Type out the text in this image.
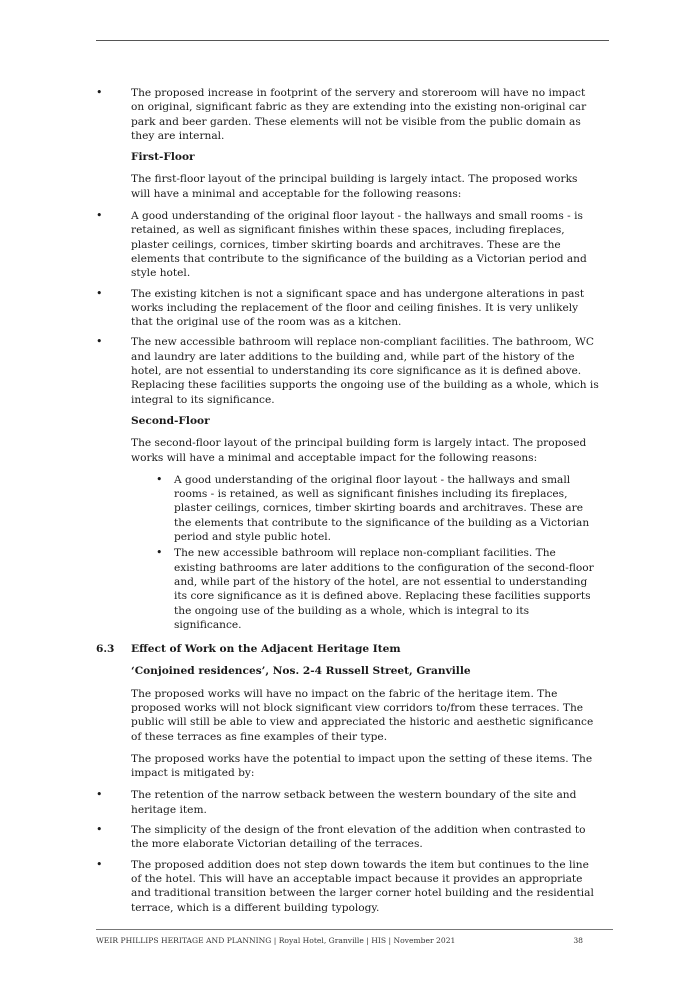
• The proposed increase in footprint of the servery and storeroom will have no impact on original, significant fabric as they are extending into the existing non-original car park and beer garden. These elements will not be visible from the public domain as they are internal.
First-Floor

The first-floor layout of the principal building is largely intact. The proposed works will have a minimal and acceptable for the following reasons:

• A good understanding of the original floor layout - the hallways and small rooms - is retained, as well as significant finishes within these spaces, including fireplaces, plaster ceilings, cornices, timber skirting boards and architraves. These are the elements that contribute to the significance of the building as a Victorian period and style hotel.
• The existing kitchen is not a significant space and has undergone alterations in past works including the replacement of the floor and ceiling finishes. It is very unlikely that the original use of the room was as a kitchen.
• The new accessible bathroom will replace non-compliant facilities. The bathroom, WC and laundry are later additions to the building and, while part of the history of the hotel, are not essential to understanding its core significance as it is defined above. Replacing these facilities supports the ongoing use of the building as a whole, which is integral to its significance.
Second-Floor

The second-floor layout of the principal building form is largely intact. The proposed works will have a minimal and acceptable impact for the following reasons:

• A good understanding of the original floor layout - the hallways and small rooms - is retained, as well as significant finishes including its fireplaces, plaster ceilings, cornices, timber skirting boards and architraves. These are the elements that contribute to the significance of the building as a Victorian period and style public hotel.
• The new accessible bathroom will replace non-compliant facilities. The existing bathrooms are later additions to the configuration of the second-floor and, while part of the history of the hotel, are not essential to understanding its core significance as it is defined above. Replacing these facilities supports the ongoing use of the building as a whole, which is integral to its significance.
6.3	Effect of Work on the Adjacent Heritage Item
‘Conjoined residences’, Nos. 2-4 Russell Street, Granville

The proposed works will have no impact on the fabric of the heritage item. The proposed works will not block significant view corridors to/from these terraces. The public will still be able to view and appreciated the historic and aesthetic significance of these terraces as fine examples of their type.

The proposed works have the potential to impact upon the setting of these items. The impact is mitigated by:

• The retention of the narrow setback between the western boundary of the site and heritage item.
• The simplicity of the design of the front elevation of the addition when contrasted to the more elaborate Victorian detailing of the terraces.
• The proposed addition does not step down towards the item but continues to the line of the hotel. This will have an acceptable impact because it provides an appropriate and traditional transition between the larger corner hotel building and the residential terrace, which is a different building typology.
WEIR PHILLIPS HERITAGE AND PLANNING | Royal Hotel, Granville | HIS | November 2021	38
